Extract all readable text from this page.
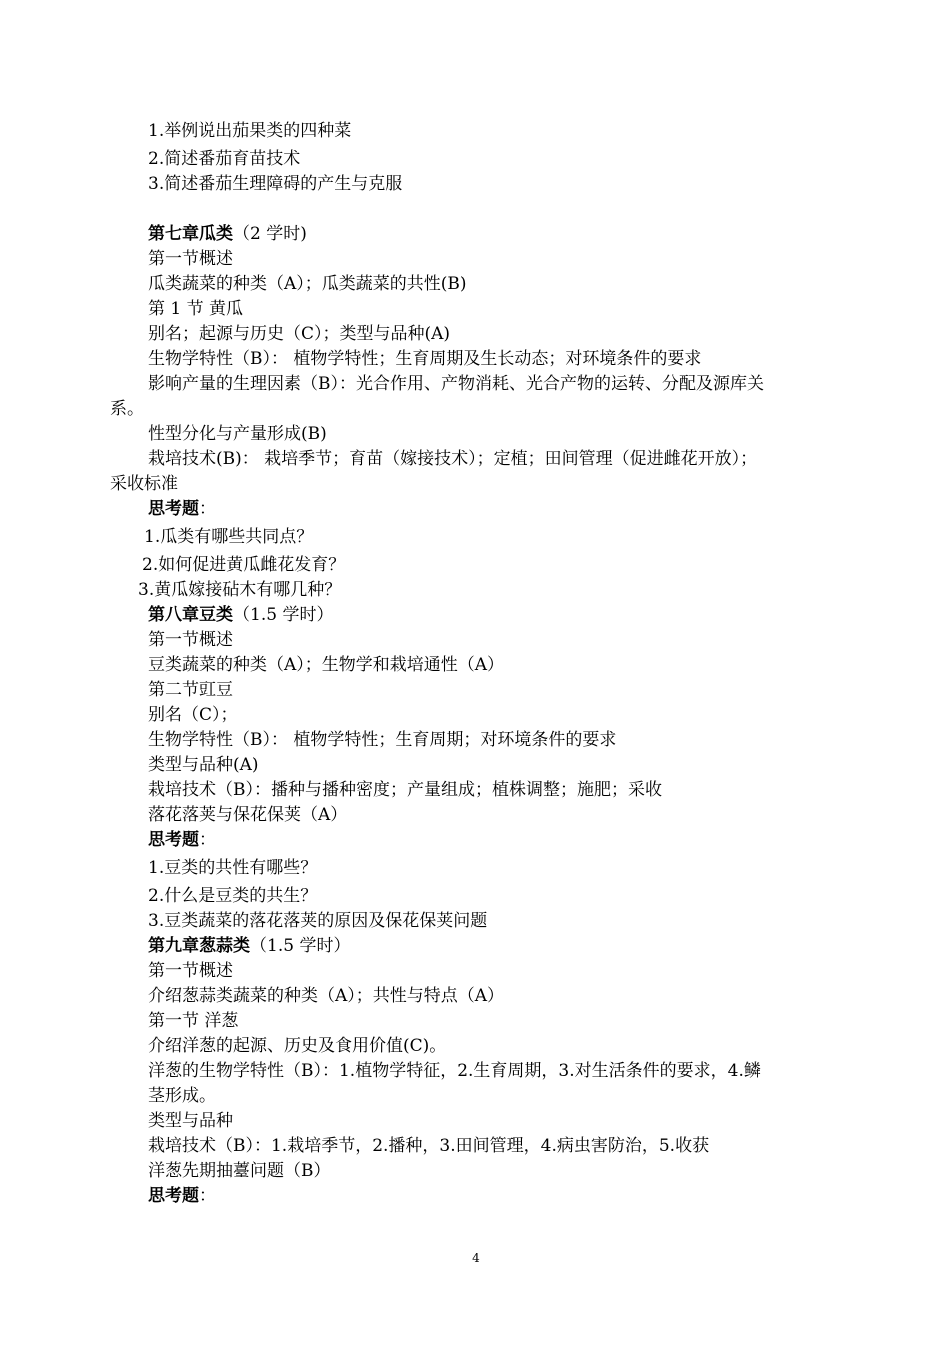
1.举例说出茄果类的四种菜
2.简述番茄育苗技术
3.简述番茄生理障碍的产生与克服
第七章瓜类（2 学时)
第一节概述
瓜类蔬菜的种类（A）；瓜类蔬菜的共性(B)
第 1 节 黄瓜
别名；起源与历史（C）；类型与品种(A)
生物学特性（B）： 植物学特性；生育周期及生长动态；对环境条件的要求
影响产量的生理因素（B）：光合作用、产物消耗、光合产物的运转、分配及源库关
系。
性型分化与产量形成(B)
栽培技术(B)： 栽培季节；育苗（嫁接技术）；定植；田间管理（促进雌花开放）；
采收标准
思考题：
1.瓜类有哪些共同点？
2.如何促进黄瓜雌花发育？
3.黄瓜嫁接砧木有哪几种？
第八章豆类（1.5 学时）
第一节概述
豆类蔬菜的种类（A）；生物学和栽培通性（A）
第二节豇豆
别名（C）；
生物学特性（B）： 植物学特性；生育周期；对环境条件的要求
类型与品种(A)
栽培技术（B）：播种与播种密度；产量组成；植株调整；施肥；采收
落花落荚与保花保荚（A）
思考题：
1.豆类的共性有哪些？
2.什么是豆类的共生？
3.豆类蔬菜的落花落荚的原因及保花保荚问题
第九章葱蒜类（1.5 学时）
第一节概述
介绍葱蒜类蔬菜的种类（A）；共性与特点（A）
第一节 洋葱
介绍洋葱的起源、历史及食用价值(C)。
洋葱的生物学特性（B）：1.植物学特征，2.生育周期，3.对生活条件的要求，4.鳞
茎形成。
类型与品种
栽培技术（B）：1.栽培季节，2.播种，3.田间管理，4.病虫害防治，5.收获
洋葱先期抽薹问题（B）
思考题：
4
